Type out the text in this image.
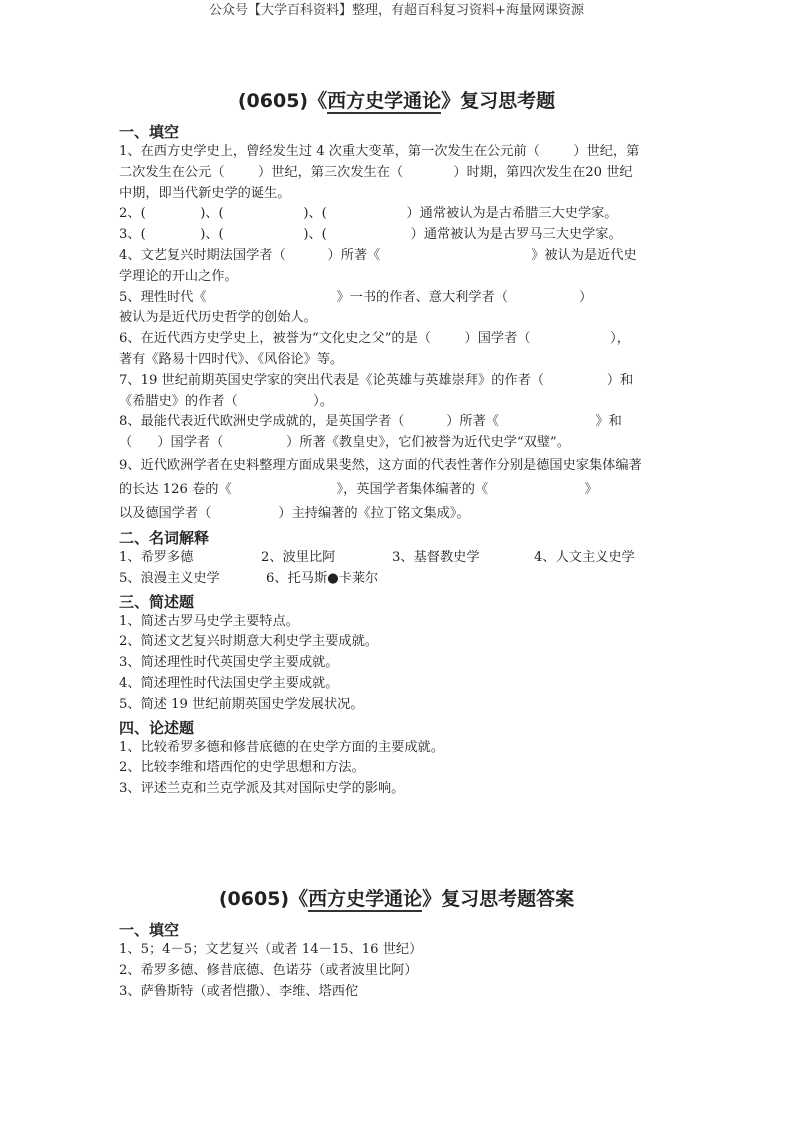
公众号【大学百科资料】整理，有超百科复习资料+海量网课资源
(0605)《西方史学通论》复习思考题
一、填空
1、在西方史学史上，曾经发生过 4 次重大变革，第一次发生在公元前（        ）世纪，第
二次发生在公元（        ）世纪，第三次发生在（            ）时期，第四次发生在20 世纪
中期，即当代新史学的诞生。
2、(             )、(                   )、(                   ）通常被认为是古希腊三大史学家。
3、(             )、(                   )、(                    ）通常被认为是古罗马三大史学家。
4、文艺复兴时期法国学者（          ）所著《                                    》被认为是近代史
学理论的开山之作。
5、理性时代《                               》一书的作者、意大利学者（                 ）
被认为是近代历史哲学的创始人。
6、在近代西方史学史上，被誉为“文化史之父”的是（        ）国学者（                   ），
著有《路易十四时代》、《风俗论》等。
7、19 世纪前期英国史学家的突出代表是《论英雄与英雄崇拜》的作者（               ）和
《希腊史》的作者（                  ）。
8、最能代表近代欧洲史学成就的，是英国学者（          ）所著《                       》和
（      ）国学者（               ）所著《教皇史》，它们被誉为近代史学“双璧”。
9、近代欧洲学者在史料整理方面成果斐然，这方面的代表性著作分别是德国史家集体编著
的长达 126 卷的《                         》，英国学者集体编著的《                       》
以及德国学者（                ）主持编著的《拉丁铭文集成》。
二、名词解释
1、希罗多德	2、波里比阿	3、基督教史学	4、人文主义史学
5、浪漫主义史学	6、托马斯●卡莱尔
三、简述题
1、简述古罗马史学主要特点。
2、简述文艺复兴时期意大利史学主要成就。
3、简述理性时代英国史学主要成就。
4、简述理性时代法国史学主要成就。
5、简述 19 世纪前期英国史学发展状况。
四、论述题
1、比较希罗多德和修昔底德的在史学方面的主要成就。
2、比较李维和塔西佗的史学思想和方法。
3、评述兰克和兰克学派及其对国际史学的影响。
(0605)《西方史学通论》复习思考题答案
一、填空
1、5；4－5；文艺复兴（或者 14－15、16 世纪）
2、希罗多德、修昔底德、色诺芬（或者波里比阿）
3、萨鲁斯特（或者恺撒）、李维、塔西佗
